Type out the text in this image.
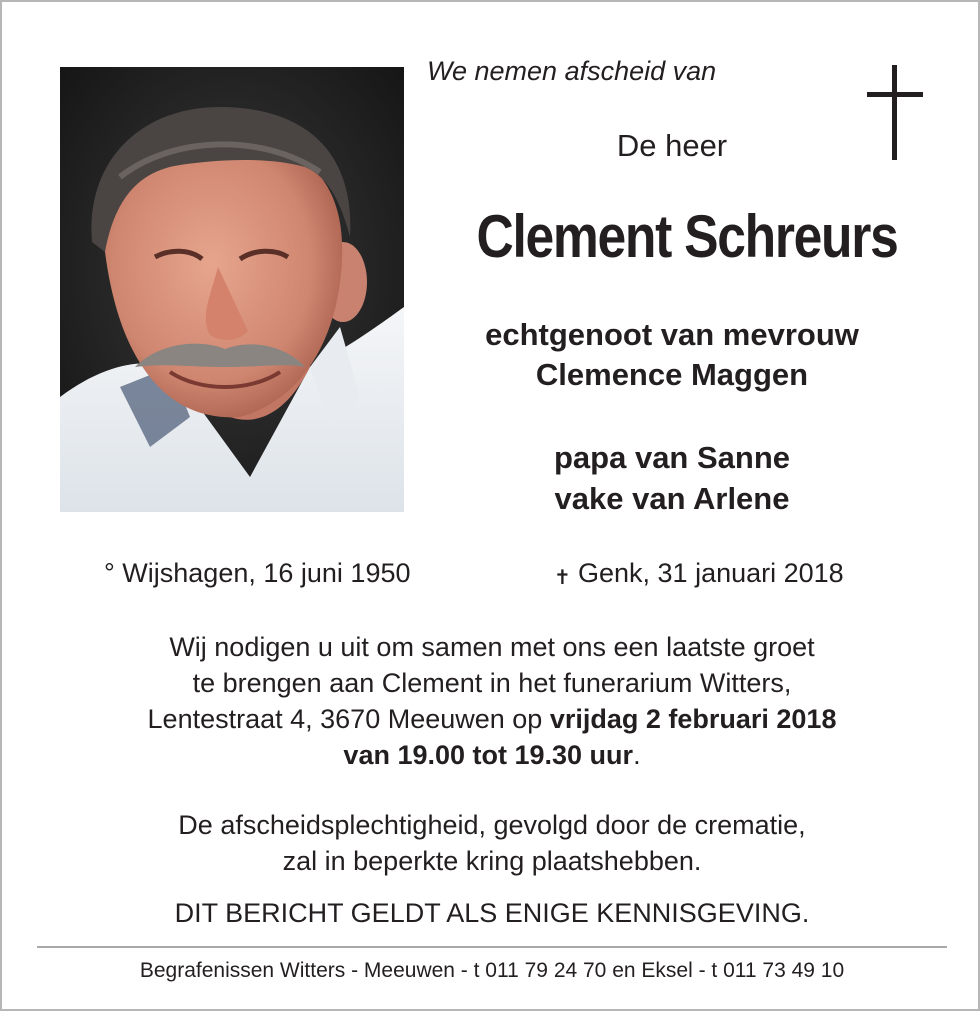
We nemen afscheid van
De heer
Clement Schreurs
echtgenoot van mevrouw
Clemence Maggen
papa van Sanne
vake van Arlene
° Wijshagen, 16 juni 1950	✝ Genk, 31 januari 2018
Wij nodigen u uit om samen met ons een laatste groet
te brengen aan Clement in het funerarium Witters,
Lentestraat 4, 3670 Meeuwen op vrijdag 2 februari 2018
van 19.00 tot 19.30 uur.
De afscheidsplechtigheid, gevolgd door de crematie,
zal in beperkte kring plaatshebben.
DIT BERICHT GELDT ALS ENIGE KENNISGEVING.
Begrafenissen Witters - Meeuwen - t 011 79 24 70 en Eksel - t 011 73 49 10
